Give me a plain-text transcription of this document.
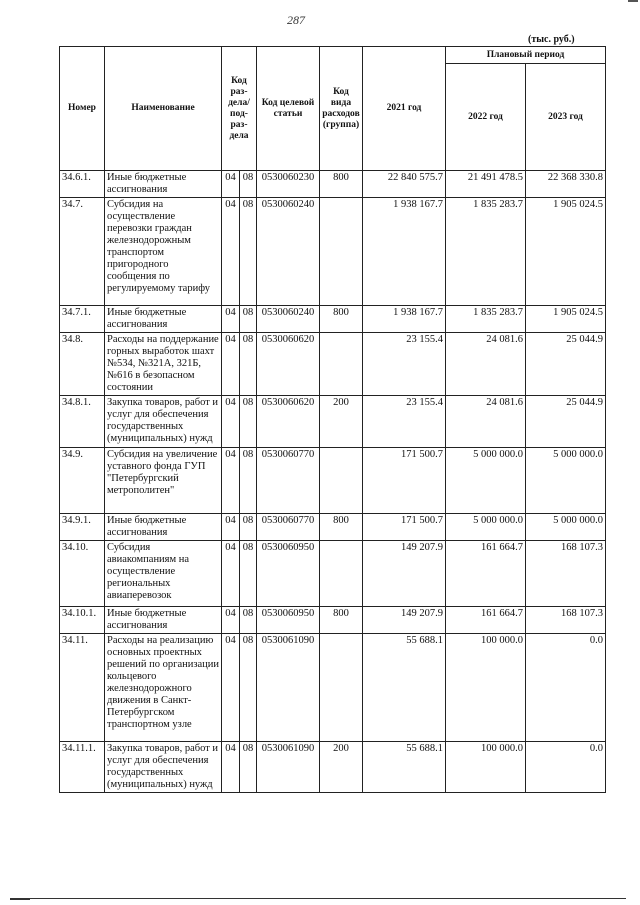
287
(тыс. руб.)
Номер	Наименование	Код раз-дела/ под-раз-дела		Код целевой статьи	Код вида расходов (группа)	2021 год	Плановый период	
							2022 год	2023 год
34.6.1.	Иные бюджетные ассигнования	04	08	0530060230	800	22 840 575.7	21 491 478.5	22 368 330.8
34.7.	Субсидия на осуществление перевозки граждан железнодорожным транспортом пригородного сообщения по регулируемому тарифу	04	08	0530060240		1 938 167.7	1 835 283.7	1 905 024.5
34.7.1.	Иные бюджетные ассигнования	04	08	0530060240	800	1 938 167.7	1 835 283.7	1 905 024.5
34.8.	Расходы на поддержание горных выработок шахт №534, №321А, 321Б, №616 в безопасном состоянии	04	08	0530060620		23 155.4	24 081.6	25 044.9
34.8.1.	Закупка товаров, работ и услуг для обеспечения государственных (муниципальных) нужд	04	08	0530060620	200	23 155.4	24 081.6	25 044.9
34.9.	Субсидия на увеличение уставного фонда ГУП "Петербургский метрополитен"	04	08	0530060770		171 500.7	5 000 000.0	5 000 000.0
34.9.1.	Иные бюджетные ассигнования	04	08	0530060770	800	171 500.7	5 000 000.0	5 000 000.0
34.10.	Субсидия авиакомпаниям на осуществление региональных авиаперевозок	04	08	0530060950		149 207.9	161 664.7	168 107.3
34.10.1.	Иные бюджетные ассигнования	04	08	0530060950	800	149 207.9	161 664.7	168 107.3
34.11.	Расходы на реализацию основных проектных решений по организации кольцевого железнодорожного движения в Санкт-Петербургском транспортном узле	04	08	0530061090		55 688.1	100 000.0	0.0
34.11.1.	Закупка товаров, работ и услуг для обеспечения государственных (муниципальных) нужд	04	08	0530061090	200	55 688.1	100 000.0	0.0
